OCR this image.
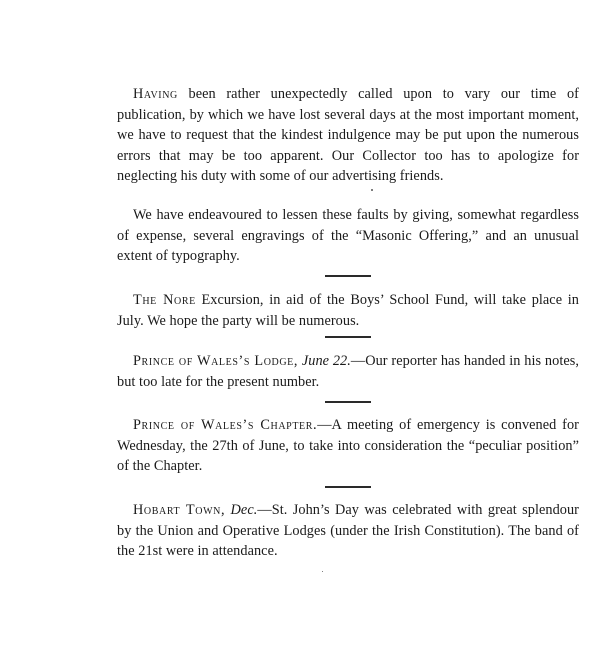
Having been rather unexpectedly called upon to vary our time of publication, by which we have lost several days at the most important moment, we have to request that the kindest indulgence may be put upon the numerous errors that may be too apparent. Our Collector too has to apologize for neglecting his duty with some of our advertising friends.

We have endeavoured to lessen these faults by giving, somewhat regardless of expense, several engravings of the “Masonic Offering,” and an unusual extent of typography.

The Nore Excursion, in aid of the Boys’ School Fund, will take place in July. We hope the party will be numerous.

Prince of Wales’s Lodge, June 22.—Our reporter has handed in his notes, but too late for the present number.

Prince of Wales’s Chapter.—A meeting of emergency is convened for Wednesday, the 27th of June, to take into consideration the “peculiar position” of the Chapter.

Hobart Town, Dec.—St. John’s Day was celebrated with great splendour by the Union and Operative Lodges (under the Irish Constitution). The band of the 21st were in attendance.
